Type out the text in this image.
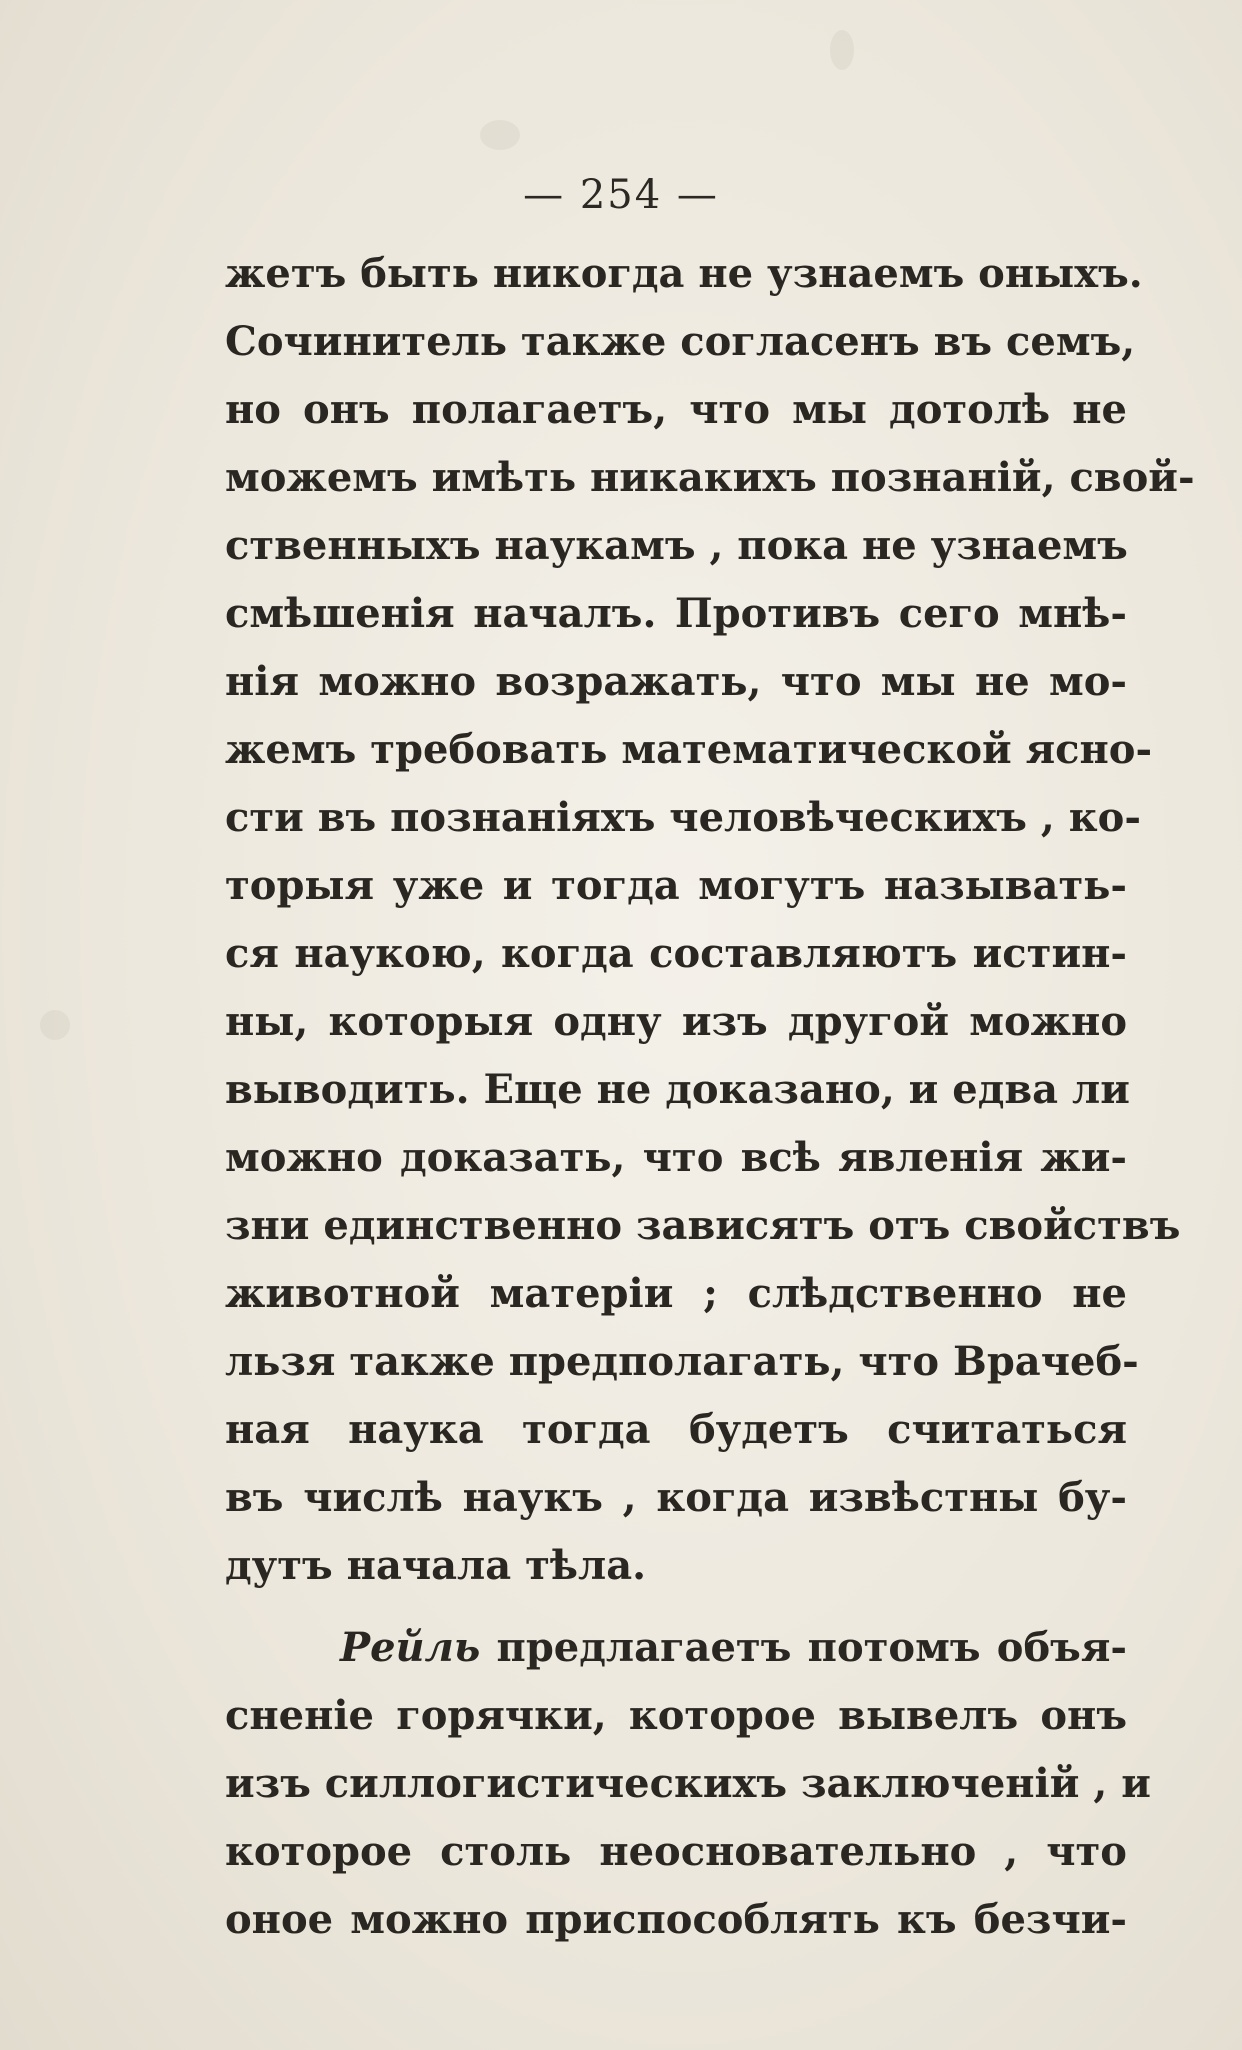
— 254 —
жетъ быть никогда не узнаемъ оныхъ.
Сочинитель также согласенъ въ семъ,
но онъ полагаетъ, что мы дотолѣ не
можемъ имѣть никакихъ познаній, свой-
ственныхъ наукамъ , пока не узнаемъ
смѣшенія началъ. Противъ сего мнѣ-
нія можно возражать, что мы не мо-
жемъ требовать математической ясно-
сти въ познаніяхъ человѣческихъ , ко-
торыя уже и тогда могутъ называть-
ся наукою, когда составляютъ истин-
ны, которыя одну изъ другой можно
выводить. Еще не доказано, и едва ли
можно доказать, что всѣ явленія жи-
зни единственно зависятъ отъ свойствъ
животной матеріи ; слѣдственно не
льзя также предполагать, что Врачеб-
ная наука тогда будетъ считаться
въ числѣ наукъ , когда извѣстны бу-
дутъ начала тѣла.
Рейль предлагаетъ потомъ объя-
сненіе горячки, которое вывелъ онъ
изъ силлогистическихъ заключеній , и
которое столь неосновательно , что
оное можно приспособлять къ безчи-
